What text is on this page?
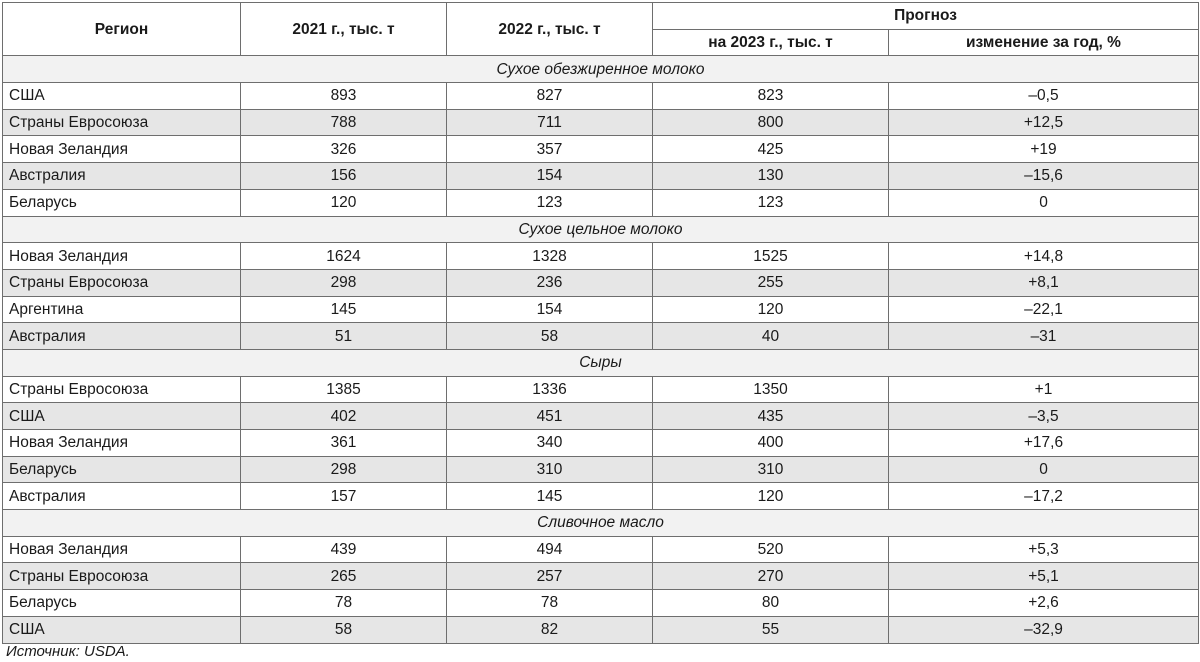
Регион	2021 г., тыс. т	2022 г., тыс. т	Прогноз	
			на 2023 г., тыс. т	изменение за год, %
Сухое обезжиренное молоко				
США	893	827	823	–0,5
Страны Евросоюза	788	711	800	+12,5
Новая Зеландия	326	357	425	+19
Австралия	156	154	130	–15,6
Беларусь	120	123	123	0
Сухое цельное молоко				
Новая Зеландия	1624	1328	1525	+14,8
Страны Евросоюза	298	236	255	+8,1
Аргентина	145	154	120	–22,1
Австралия	51	58	40	–31
Сыры				
Страны Евросоюза	1385	1336	1350	+1
США	402	451	435	–3,5
Новая Зеландия	361	340	400	+17,6
Беларусь	298	310	310	0
Австралия	157	145	120	–17,2
Сливочное масло				
Новая Зеландия	439	494	520	+5,3
Страны Евросоюза	265	257	270	+5,1
Беларусь	78	78	80	+2,6
США	58	82	55	–32,9
Источник: USDA.
